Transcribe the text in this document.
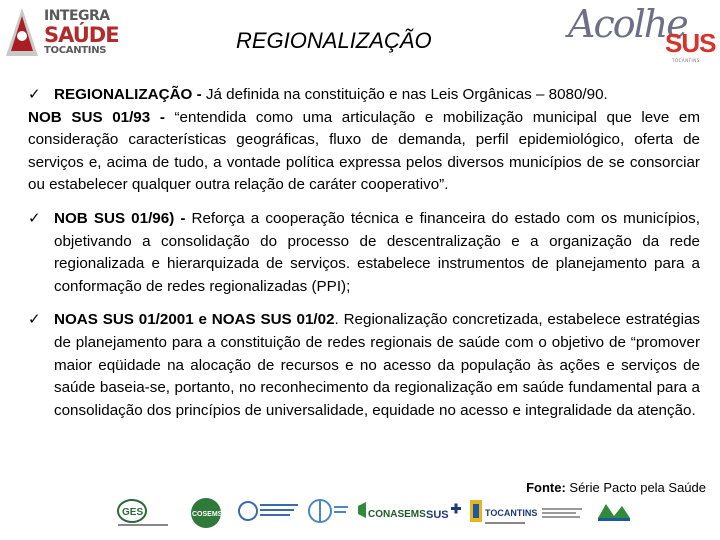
INTEGRA
SAÚDE
TOCANTINS	REGIONALIZAÇÃO	Acolhe
SUS
TOCANTINS
✓ REGIONALIZAÇÃO - Já definida na constituição e nas Leis Orgânicas – 8080/90.

NOB SUS 01/93 - “entendida como uma articulação e mobilização municipal que leve em consideração características geográficas, fluxo de demanda, perfil epidemiológico, oferta de serviços e, acima de tudo, a vontade política expressa pelos diversos municípios de se consorciar ou estabelecer qualquer outra relação de caráter cooperativo”.

✓ NOB SUS 01/96) - Reforça a cooperação técnica e financeira do estado com os municípios, objetivando a consolidação do processo de descentralização e a organização da rede regionalizada e hierarquizada de serviços. estabelece instrumentos de planejamento para a conformação de redes regionalizadas (PPI);
✓ NOAS SUS 01/2001 e NOAS SUS 01/02. Regionalização concretizada, estabelece estratégias de planejamento para a constituição de redes regionais de saúde com o objetivo de “promover maior eqüidade na alocação de recursos e no acesso da população às ações e serviços de saúde baseia-se, portanto, no reconhecimento da regionalização em saúde fundamental para a consolidação dos princípios de universalidade, equidade no acesso e integralidade da atenção.
Fonte: Série Pacto pela Saúde
GES	COSEMS	CONASEMS SUS	TOCANTINS
